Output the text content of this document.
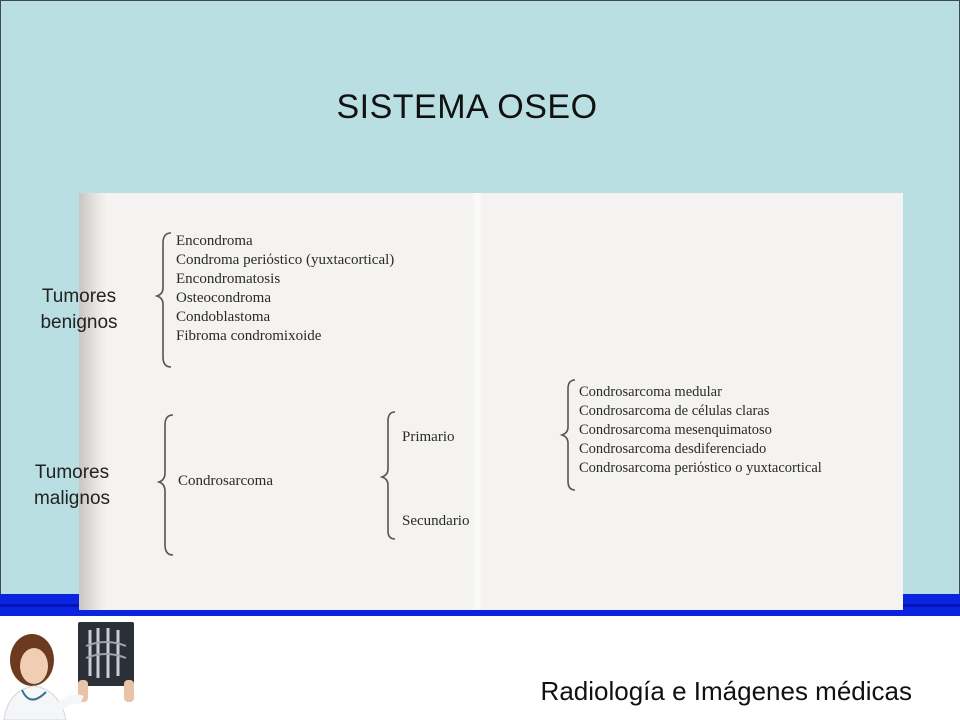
SISTEMA OSEO
Encondroma
Condroma periόstico (yuxtacortical)
Encondromatosis
Osteocondroma
Condoblastoma
Fibroma condromixoide
Condrosarcoma
Primario
Secundario
Condrosarcoma medular
Condrosarcoma de células claras
Condrosarcoma mesenquimatoso
Condrosarcoma desdiferenciado
Condrosarcoma periόstico o yuxtacortical
Tumores benignos
Tumores malignos
Radiología e Imágenes médicas
